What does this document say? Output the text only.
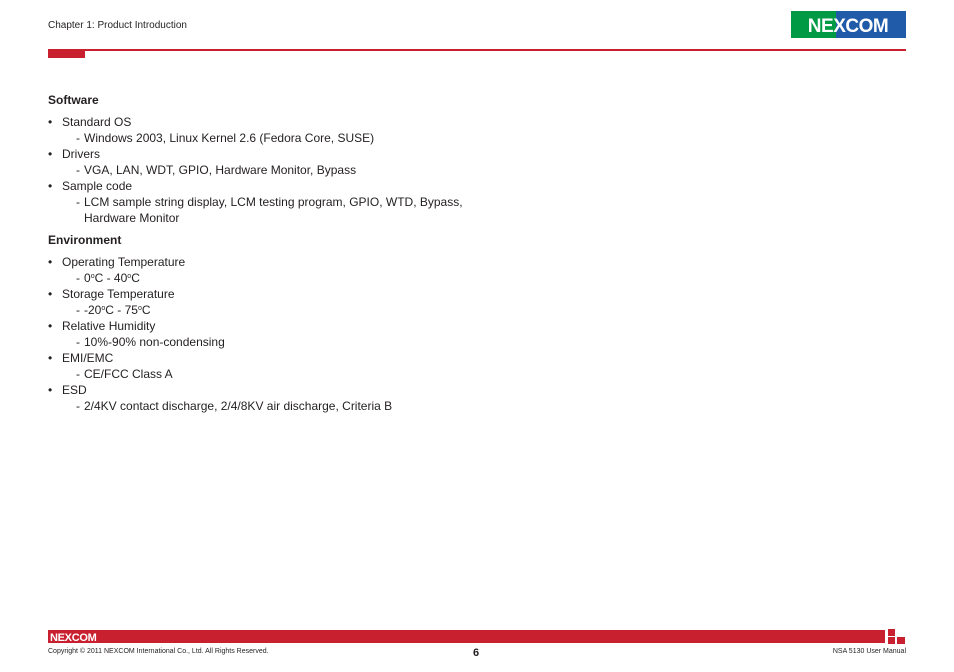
Chapter 1: Product Introduction	NEXCOM
Software
• Standard OS
- Windows 2003, Linux Kernel 2.6 (Fedora Core, SUSE)
• Drivers
- VGA, LAN, WDT, GPIO, Hardware Monitor, Bypass
• Sample code
- LCM sample string display, LCM testing program, GPIO, WTD, Bypass,
Hardware Monitor
Environment
• Operating Temperature
- 0$^o$C - 40$^o$C
• Storage Temperature
- -20$^o$C - 75$^o$C
• Relative Humidity
- 10%-90% non-condensing
• EMI/EMC
- CE/FCC Class A
• ESD
- 2/4KV contact discharge, 2/4/8KV air discharge, Criteria B
NEXCOM
Copyright © 2011 NEXCOM International Co., Ltd. All Rights Reserved.	6	NSA 5130 User Manual
